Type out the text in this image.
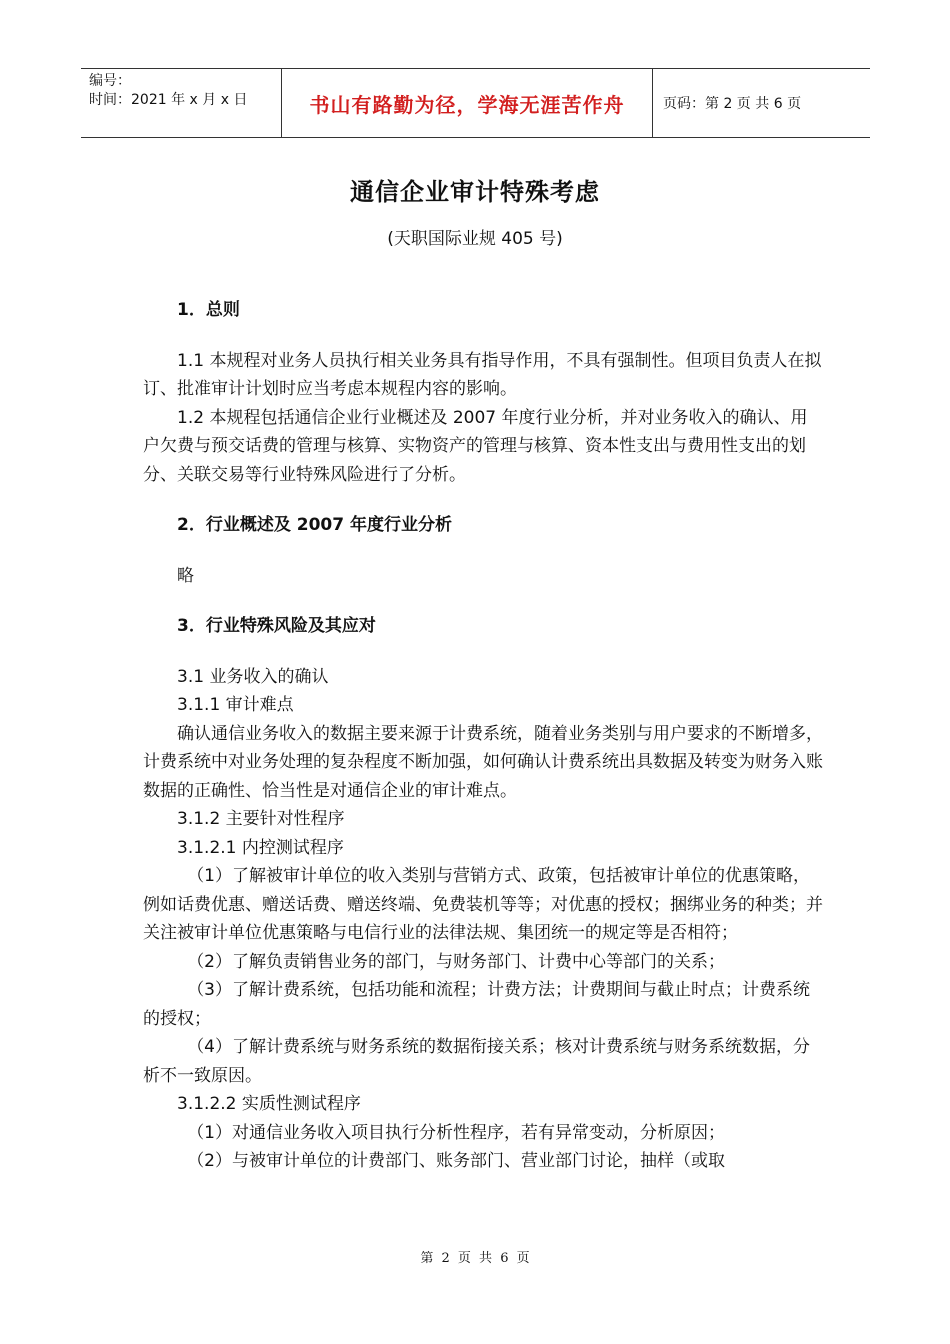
编号：
时间：2021 年 x 月 x 日	书山有路勤为径，学海无涯苦作舟	页码：第 2 页 共 6 页
通信企业审计特殊考虑
(天职国际业规 405 号)

1．总则

1.1 本规程对业务人员执行相关业务具有指导作用，不具有强制性。但项目负责人在拟订、批准审计计划时应当考虑本规程内容的影响。

1.2 本规程包括通信企业行业概述及 2007 年度行业分析，并对业务收入的确认、用户欠费与预交话费的管理与核算、实物资产的管理与核算、资本性支出与费用性支出的划分、关联交易等行业特殊风险进行了分析。

2．行业概述及 2007 年度行业分析

略

3．行业特殊风险及其应对

3.1 业务收入的确认

3.1.1 审计难点

确认通信业务收入的数据主要来源于计费系统，随着业务类别与用户要求的不断增多，计费系统中对业务处理的复杂程度不断加强，如何确认计费系统出具数据及转变为财务入账数据的正确性、恰当性是对通信企业的审计难点。

3.1.2 主要针对性程序

3.1.2.1 内控测试程序

（1）了解被审计单位的收入类别与营销方式、政策，包括被审计单位的优惠策略，例如话费优惠、赠送话费、赠送终端、免费装机等等；对优惠的授权；捆绑业务的种类；并关注被审计单位优惠策略与电信行业的法律法规、集团统一的规定等是否相符；

（2）了解负责销售业务的部门，与财务部门、计费中心等部门的关系；

（3）了解计费系统，包括功能和流程；计费方法；计费期间与截止时点；计费系统的授权；

（4）了解计费系统与财务系统的数据衔接关系；核对计费系统与财务系统数据，分析不一致原因。

3.1.2.2 实质性测试程序

（1）对通信业务收入项目执行分析性程序，若有异常变动，分析原因；

（2）与被审计单位的计费部门、账务部门、营业部门讨论，抽样（或取

第 2 页 共 6 页
